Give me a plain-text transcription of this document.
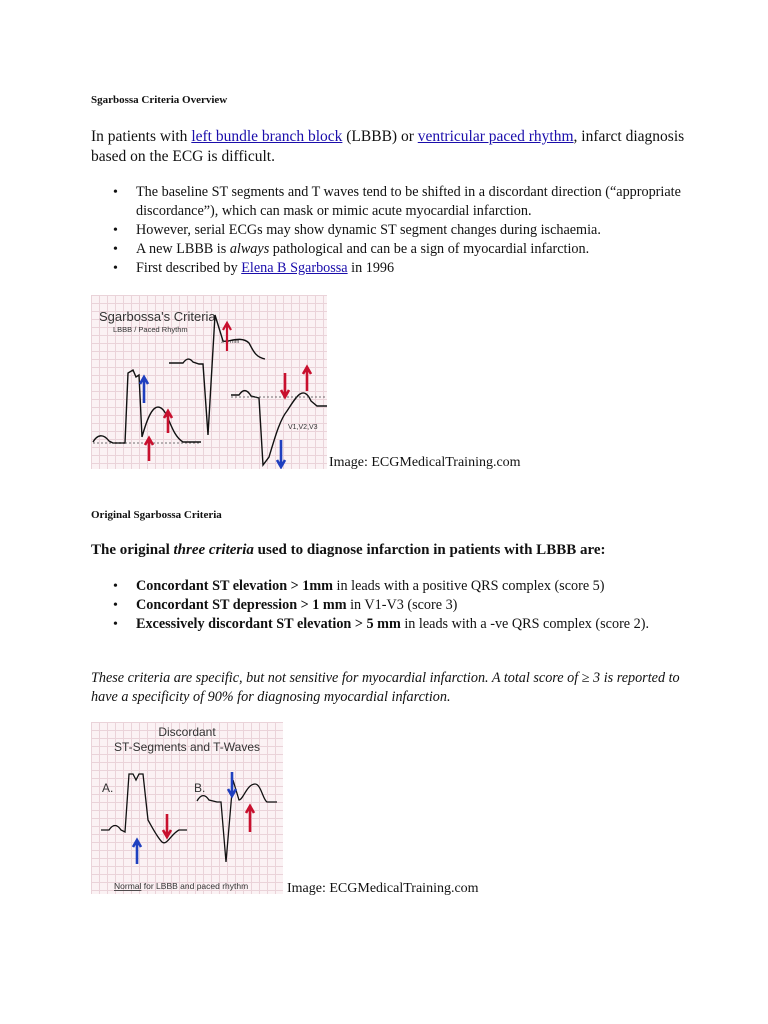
Sgarbossa Criteria Overview
In patients with left bundle branch block (LBBB) or ventricular paced rhythm, infarct diagnosis based on the ECG is difficult.
• The baseline ST segments and T waves tend to be shifted in a discordant direction (“appropriate discordance”), which can mask or mimic acute myocardial infarction.
• However, serial ECGs may show dynamic ST segment changes during ischaemia.
• A new LBBB is always pathological and can be a sign of myocardial infarction.
• First described by Elena B Sgarbossa in 1996
Sgarbossa's Criteria
LBBB / Paced Rhythm
≥ 5 mm
V1,V2,V3
Image: ECGMedicalTraining.com
Original Sgarbossa Criteria
The original three criteria used to diagnose infarction in patients with LBBB are:
• Concordant ST elevation > 1mm in leads with a positive QRS complex (score 5)
• Concordant ST depression > 1 mm in V1-V3 (score 3)
• Excessively discordant ST elevation > 5 mm in leads with a -ve QRS complex (score 2).
These criteria are specific, but not sensitive for myocardial infarction. A total score of ≥ 3 is reported to have a specificity of 90% for diagnosing myocardial infarction.
Discordant
ST-Segments and T-Waves
A.	B.
Normal for LBBB and paced rhythm	Image: ECGMedicalTraining.com
